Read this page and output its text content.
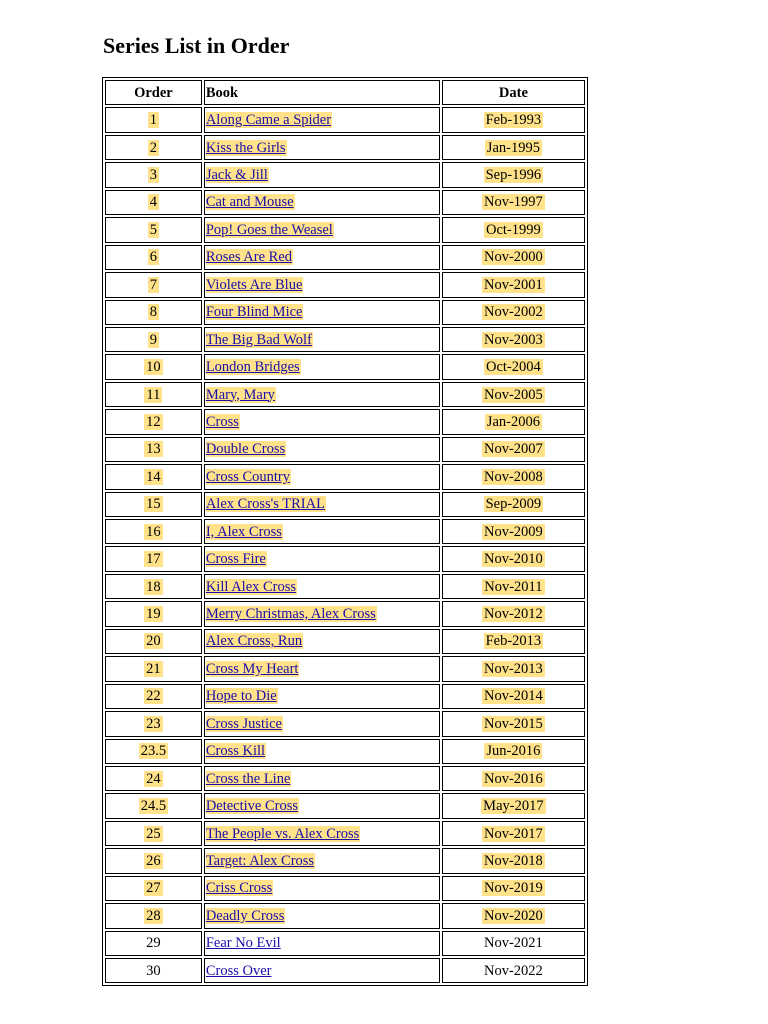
Series List in Order
Order	Book	Date
1	Along Came a Spider	Feb-1993
2	Kiss the Girls	Jan-1995
3	Jack & Jill	Sep-1996
4	Cat and Mouse	Nov-1997
5	Pop! Goes the Weasel	Oct-1999
6	Roses Are Red	Nov-2000
7	Violets Are Blue	Nov-2001
8	Four Blind Mice	Nov-2002
9	The Big Bad Wolf	Nov-2003
10	London Bridges	Oct-2004
11	Mary, Mary	Nov-2005
12	Cross	Jan-2006
13	Double Cross	Nov-2007
14	Cross Country	Nov-2008
15	Alex Cross's TRIAL	Sep-2009
16	I, Alex Cross	Nov-2009
17	Cross Fire	Nov-2010
18	Kill Alex Cross	Nov-2011
19	Merry Christmas, Alex Cross	Nov-2012
20	Alex Cross, Run	Feb-2013
21	Cross My Heart	Nov-2013
22	Hope to Die	Nov-2014
23	Cross Justice	Nov-2015
23.5	Cross Kill	Jun-2016
24	Cross the Line	Nov-2016
24.5	Detective Cross	May-2017
25	The People vs. Alex Cross	Nov-2017
26	Target: Alex Cross	Nov-2018
27	Criss Cross	Nov-2019
28	Deadly Cross	Nov-2020
29	Fear No Evil	Nov-2021
30	Cross Over	Nov-2022
